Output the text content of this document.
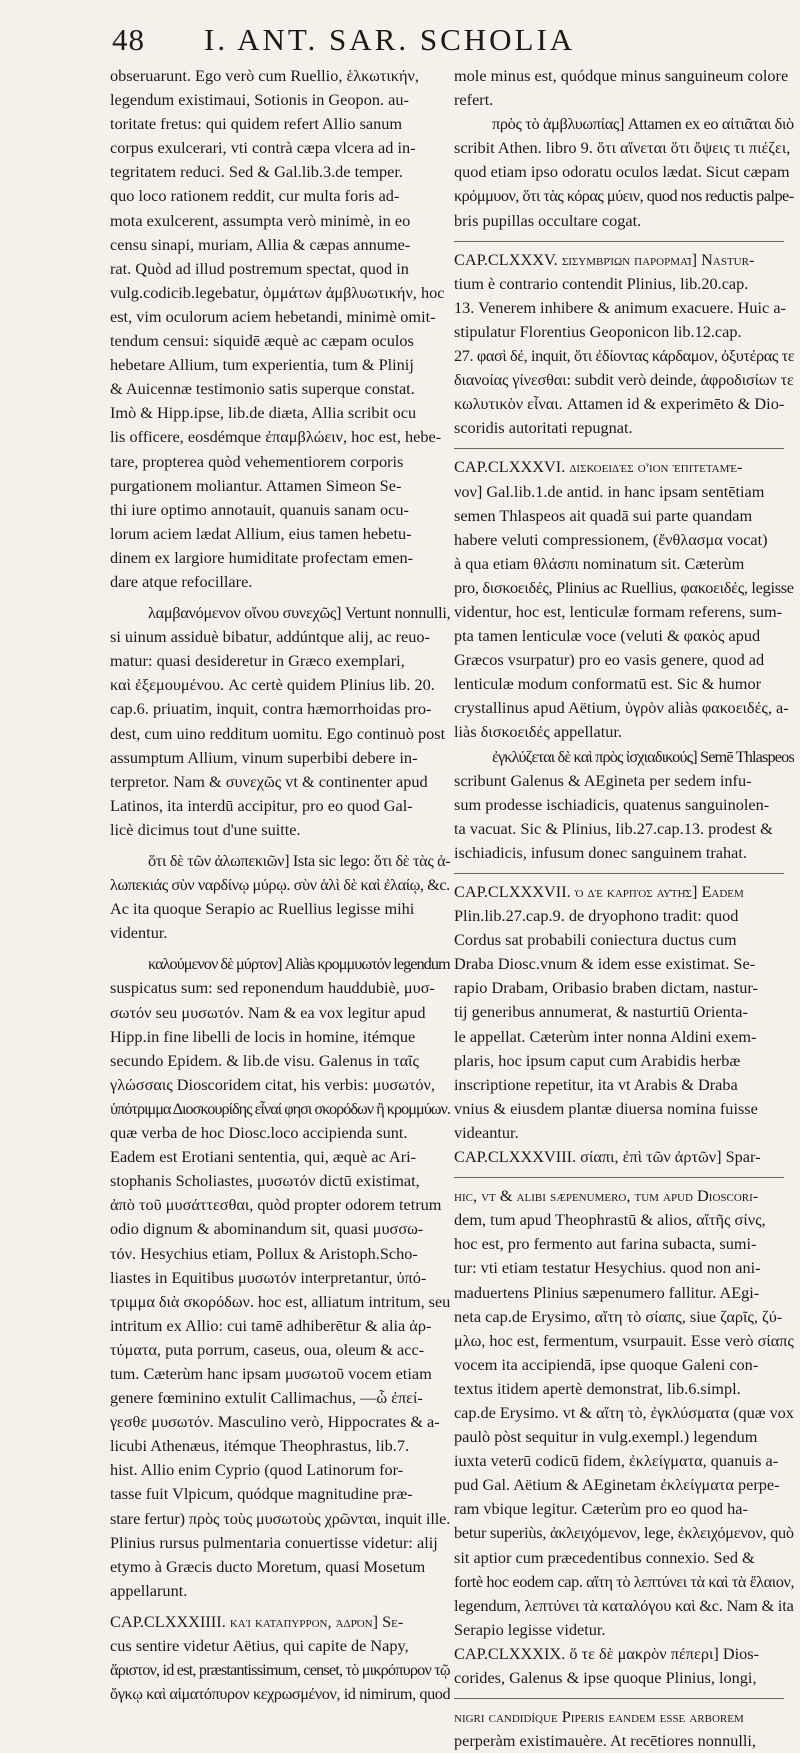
48 I. ANT. SAR. SCHOLIA
obseruarunt. Ego verò cum Ruellio, ἑλκωτικήν,
legendum existimaui, Sotionis in Geopon. au-
toritate fretus: qui quidem refert Allio sanum
corpus exulcerari, vti contrà cæpa vlcera ad in-
tegritatem reduci. Sed & Gal.lib.3.de temper.
quo loco rationem reddit, cur multa foris ad-
mota exulcerent, assumpta verò minimè, in eo
censu sinapi, muriam, Allia & cæpas annume-
rat. Quòd ad illud postremum spectat, quod in
vulg.codicib.legebatur, ὀμμάτων ἀμβλυωτικήν, hoc
est, vim oculorum aciem hebetandi, minimè omit-
tendum censui: siquidē æquè ac cæpam oculos
hebetare Allium, tum experientia, tum & Plinij
& Auicennæ testimonio satis superque constat.
Imò & Hipp.ipse, lib.de diæta, Allia scribit ocu
lis officere, eosdémque ἐπαμβλώειν, hoc est, hebe-
tare, propterea quòd vehementiorem corporis
purgationem moliantur. Attamen Simeon Se-
thi iure optimo annotauit, quanuis sanam ocu-
lorum aciem lædat Allium, eius tamen hebetu-
dinem ex largiore humiditate profectam emen-
dare atque refocillare.
λαμβανόμενον οἴνου συνεχῶς] Vertunt nonnulli,
si uinum assiduè bibatur, addúntque alij, ac reuo-
matur: quasi desideretur in Græco exemplari,
καὶ ἐξεμουμένου. Ac certè quidem Plinius lib. 20.
cap.6. priuatim, inquit, contra hæmorrhoidas pro-
dest, cum uino redditum uomitu. Ego continuò post
assumptum Allium, vinum superbibi debere in-
terpretor. Nam & συνεχῶς vt & continenter apud
Latinos, ita interdū accipitur, pro eo quod Gal-
licè dicimus tout d'une suitte.
ὅτι δὲ τῶν ἀλωπεκιῶν] Ista sic lego: ὅτι δὲ τὰς ἀ-
λωπεκιάς σὺν ναρδίνῳ μύρῳ. σὺν ἁλὶ δὲ καὶ ἐλαίῳ, &c.
Ac ita quoque Serapio ac Ruellius legisse mihi
videntur.
καλούμενον δὲ μύρτον] Aliàs κρομμυωτόν legendum
suspicatus sum: sed reponendum hauddubiè, μυσ-
σωτόν seu μυσωτόν. Nam & ea vox legitur apud
Hipp.in fine libelli de locis in homine, itémque
secundo Epidem. & lib.de visu. Galenus in ταῖς
γλώσσαις Dioscoridem citat, his verbis: μυσωτόν,
ὑπότριμμα Διοσκουρίδης εἶναί φησι σκορόδων ἢ κρομμύων.
quæ verba de hoc Diosc.loco accipienda sunt.
Eadem est Erotiani sententia, qui, æquè ac Ari-
stophanis Scholiastes, μυσωτόν dictū existimat,
ἀπὸ τοῦ μυσάττεσθαι, quòd propter odorem tetrum
odio dignum & abominandum sit, quasi μυσσω-
τόν. Hesychius etiam, Pollux & Aristoph.Scho-
liastes in Equitibus μυσωτόν interpretantur, ὑπό-
τριμμα διὰ σκορόδων. hoc est, alliatum intritum, seu
intritum ex Allio: cui tamē adhiberētur & alia ἀρ-
τύματα, puta porrum, caseus, oua, oleum & acc-
tum. Cæterùm hanc ipsam μυσωτοῦ vocem etiam
genere fœminino extulit Callimachus, —ὧ ἐπεί-
γεσθε μυσωτόν. Masculino verò, Hippocrates & a-
licubi Athenæus, itémque Theophrastus, lib.7.
hist. Allio enim Cyprio (quod Latinorum for-
tasse fuit Vlpicum, quódque magnitudine præ-
stare fertur) πρὸς τοὺς μυσωτοὺς χρῶνται, inquit ille.
Plinius rursus pulmentaria conuertisse videtur: alij
etymo à Græcis ducto Moretum, quasi Mosetum
appellarunt.
CAP.CLXXXIIII. καὶ καταπυρρον, ἀδρόν] Se-
cus sentire videtur Aëtius, qui capite de Napy,
ἄριστον, id est, præstantissimum, censet, τὸ μικρόπυρον τῷ
ὄγκῳ καὶ αἱματόπυρον κεχρωσμένον, id nimirum, quod
mole minus est, quódque minus sanguineum colore
refert.
πρὸς τὸ ἀμβλυωπίας] Attamen ex eo αἰτιᾶται διὸ
scribit Athen. libro 9. ὅτι αἴνεται ὅτι ὄψεις τι πιέζει,
quod etiam ipso odoratu oculos lædat. Sicut cæpam
κρόμμυον, ὅτι τὰς κόρας μύειν, quod nos reductis palpe-
bris pupillas occultare cogat.
CAP.CLXXXV. σισυμβρίων παρορμᾷ] Nastur-
tium è contrario contendit Plinius, lib.20.cap.
13. Venerem inhibere & animum exacuere. Huic a-
stipulatur Florentius Geoponicon lib.12.cap.
27. φασὶ δέ, inquit, ὅτι ἐδίοντας κάρδαμον, ὀξυτέρας τε
διανοίας γίνεσθαι: subdit verò deinde, ἀφροδισίων τε
κωλυτικὸν εἶναι. Attamen id & experimēto & Dio-
scoridis autoritati repugnat.
CAP.CLXXXVI. δισκοειδὲς οἷον ἐπιτεταμέ-
νον] Gal.lib.1.de antid. in hanc ipsam sentētiam
semen Thlaspeos ait quadā sui parte quandam
habere veluti compressionem, (ἔνθλασμα vocat)
à qua etiam θλάσπι nominatum sit. Cæterùm
pro, δισκοειδές, Plinius ac Ruellius, φακοειδές, legisse
videntur, hoc est, lenticulæ formam referens, sum-
pta tamen lenticulæ voce (veluti & φακὸς apud
Græcos vsurpatur) pro eo vasis genere, quod ad
lenticulæ modum conformatū est. Sic & humor
crystallinus apud Aëtium, ὑγρὸν aliàs φακοειδές, a-
liàs δισκοειδές appellatur.
ἐγκλύζεται δὲ καὶ πρὸς ἰσχιαδικούς] Semē Thlaspeos
scribunt Galenus & AEgineta per sedem infu-
sum prodesse ischiadicis, quatenus sanguinolen-
ta vacuat. Sic & Plinius, lib.27.cap.13. prodest &
ischiadicis, infusum donec sanguinem trahat.
CAP.CLXXXVII. ὁ δὲ καρπὸς αὐτῆς] Eadem
Plin.lib.27.cap.9. de dryophono tradit: quod
Cordus sat probabili coniectura ductus cum
Draba Diosc.vnum & idem esse existimat. Se-
rapio Drabam, Oribasio braben dictam, nastur-
tij generibus annumerat, & nasturtiū Orienta-
le appellat. Cæterùm inter nonna Aldini exem-
plaris, hoc ipsum caput cum Arabidis herbæ
inscriptione repetitur, ita vt Arabis & Draba
vnius & eiusdem plantæ diuersa nomina fuisse
videantur.
CAP.CLXXXVIII. σίαπι, ἐπὶ τῶν ἀρτῶν] Spar-
hic, vt & alibi sæpenumero, tum apud Dioscori-
dem, tum apud Theophrastū & alios, αἴτῆς σίνς,
hoc est, pro fermento aut farina subacta, sumi-
tur: vti etiam testatur Hesychius. quod non ani-
maduertens Plinius sæpenumero fallitur. AEgi-
neta cap.de Erysimo, αἴτη τὸ σίαπς, siue ζαρῖς, ζύ-
μλω, hoc est, fermentum, vsurpauit. Esse verò σίαπς
vocem ita accipiendā, ipse quoque Galeni con-
textus itidem apertè demonstrat, lib.6.simpl.
cap.de Erysimo. vt & αἴτη τὸ, ἐγκλύσματα (quæ vox
paulò pòst sequitur in vulg.exempl.) legendum
iuxta veterū codicū fidem, ἐκλείγματα, quanuis a-
pud Gal. Aëtium & AEginetam ἐκλείγματα perpe-
ram vbique legitur. Cæterùm pro eo quod ha-
betur superiùs, ἀκλειχόμενον, lege, ἐκλειχόμενον, quò
sit aptior cum præcedentibus connexio. Sed &
fortè hoc eodem cap. αἴτη τὸ λεπτύνει τὰ καὶ τὰ ἔλαιον,
legendum, λεπτύνει τὰ καταλόγου καὶ &c. Nam & ita
Serapio legisse videtur.
CAP.CLXXXIX. ὅ τε δὲ μακρὸν πέπερι] Dios-
corides, Galenus & ipse quoque Plinius, longi,
nigri candidíque Piperis eandem esse arborem
perperàm existimauère. At recētiores nonnulli,
